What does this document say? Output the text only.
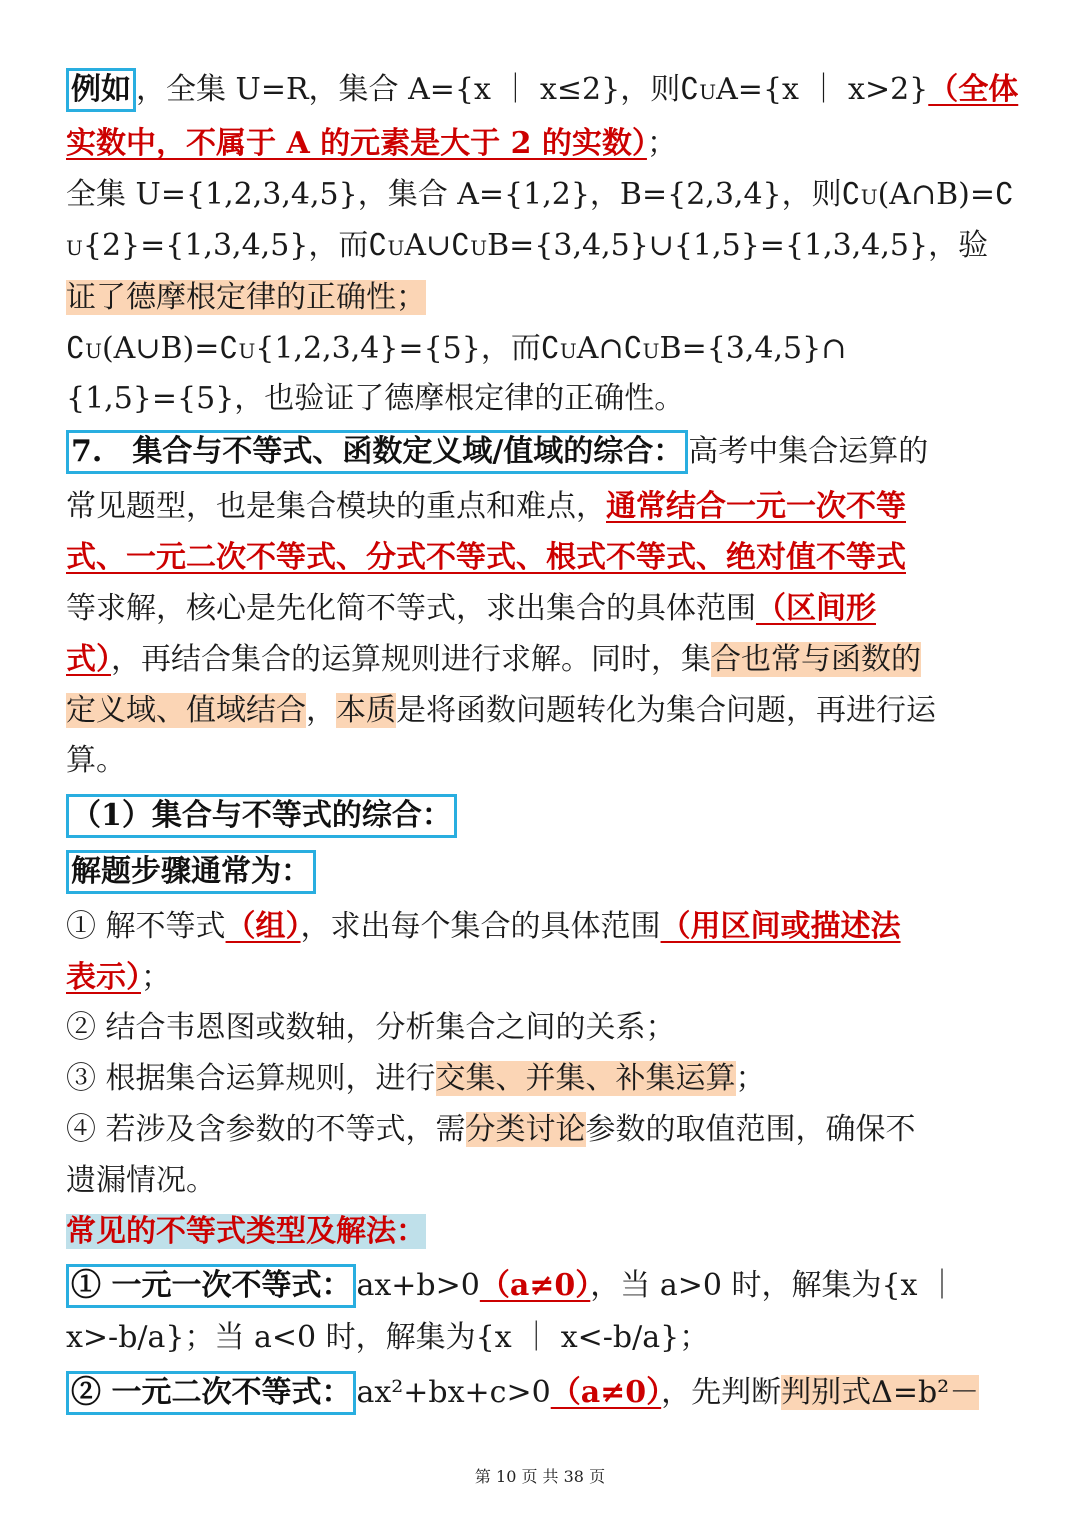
例如 ，全集 U=R，集合 A={x ｜ x≤2}，则∁UA={x ｜ x>2}（全体
实数中，不属于 A 的元素是大于 2 的实数）；
全集 U={1,2,3,4,5}，集合 A={1,2}，B={2,3,4}，则∁U(A∩B)=∁
U{2}={1,3,4,5}，而∁UA∪∁UB={3,4,5}∪{1,5}={1,3,4,5}，验
证了德摩根定律的正确性；
∁U(A∪B)=∁U{1,2,3,4}={5}，而∁UA∩∁UB={3,4,5}∩
{1,5}={5}，也验证了德摩根定律的正确性。
7.　集合与不等式、函数定义域/值域的综合： 高考中集合运算的
常见题型，也是集合模块的重点和难点，通常结合一元一次不等
式、一元二次不等式、分式不等式、根式不等式、绝对值不等式
等求解，核心是先化简不等式，求出集合的具体范围（区间形
式），再结合集合的运算规则进行求解。同时，集合也常与函数的
定义域、值域结合，本质是将函数问题转化为集合问题，再进行运
算。
（1）集合与不等式的综合：
解题步骤通常为：
① 解不等式（组），求出每个集合的具体范围（用区间或描述法
表示）；
② 结合韦恩图或数轴，分析集合之间的关系；
③ 根据集合运算规则，进行交集、并集、补集运算；
④ 若涉及含参数的不等式，需分类讨论参数的取值范围，确保不
遗漏情况。
常见的不等式类型及解法：
① 一元一次不等式： ax+b>0（a≠0），当 a>0 时，解集为{x ｜
x>-b/a}；当 a<0 时，解集为{x ｜ x<-b/a}；
② 一元二次不等式： ax²+bx+c>0（a≠0），先判断判别式Δ=b²－
第 10 页 共 38 页
